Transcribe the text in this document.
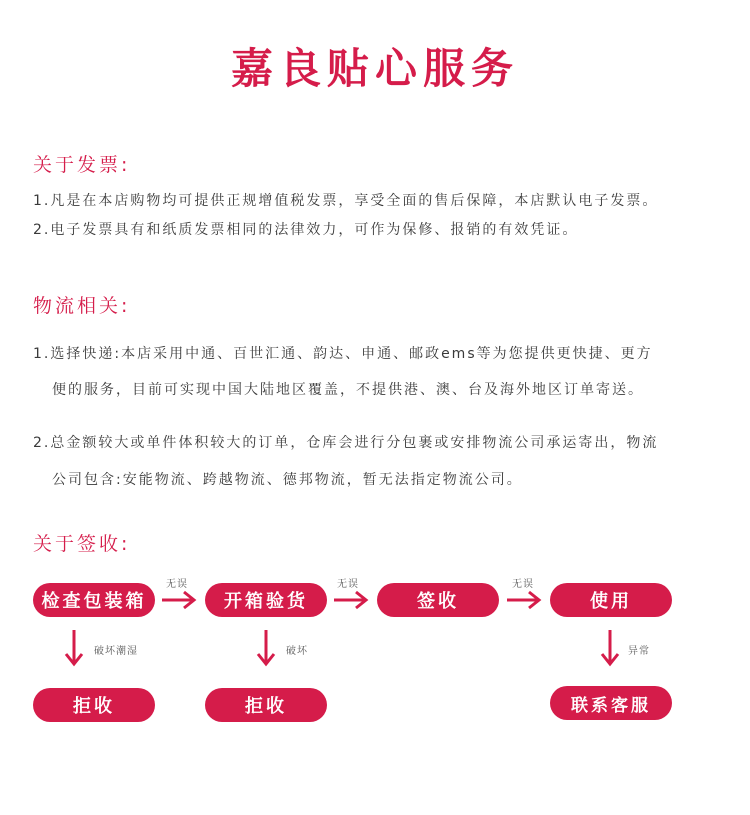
嘉良贴心服务
关于发票:
1.凡是在本店购物均可提供正规增值税发票，享受全面的售后保障，本店默认电子发票。
2.电子发票具有和纸质发票相同的法律效力，可作为保修、报销的有效凭证。
物流相关:
1.选择快递:本店采用中通、百世汇通、韵达、申通、邮政ems等为您提供更快捷、更方
便的服务，目前可实现中国大陆地区覆盖，不提供港、澳、台及海外地区订单寄送。
2.总金额较大或单件体积较大的订单，仓库会进行分包裹或安排物流公司承运寄出，物流
公司包含:安能物流、跨越物流、德邦物流，暂无法指定物流公司。
关于签收:
检查包装箱
无误
开箱验货
无误
签收
无误
使用
破坏潮湿	破坏	异常
拒收	拒收	联系客服
